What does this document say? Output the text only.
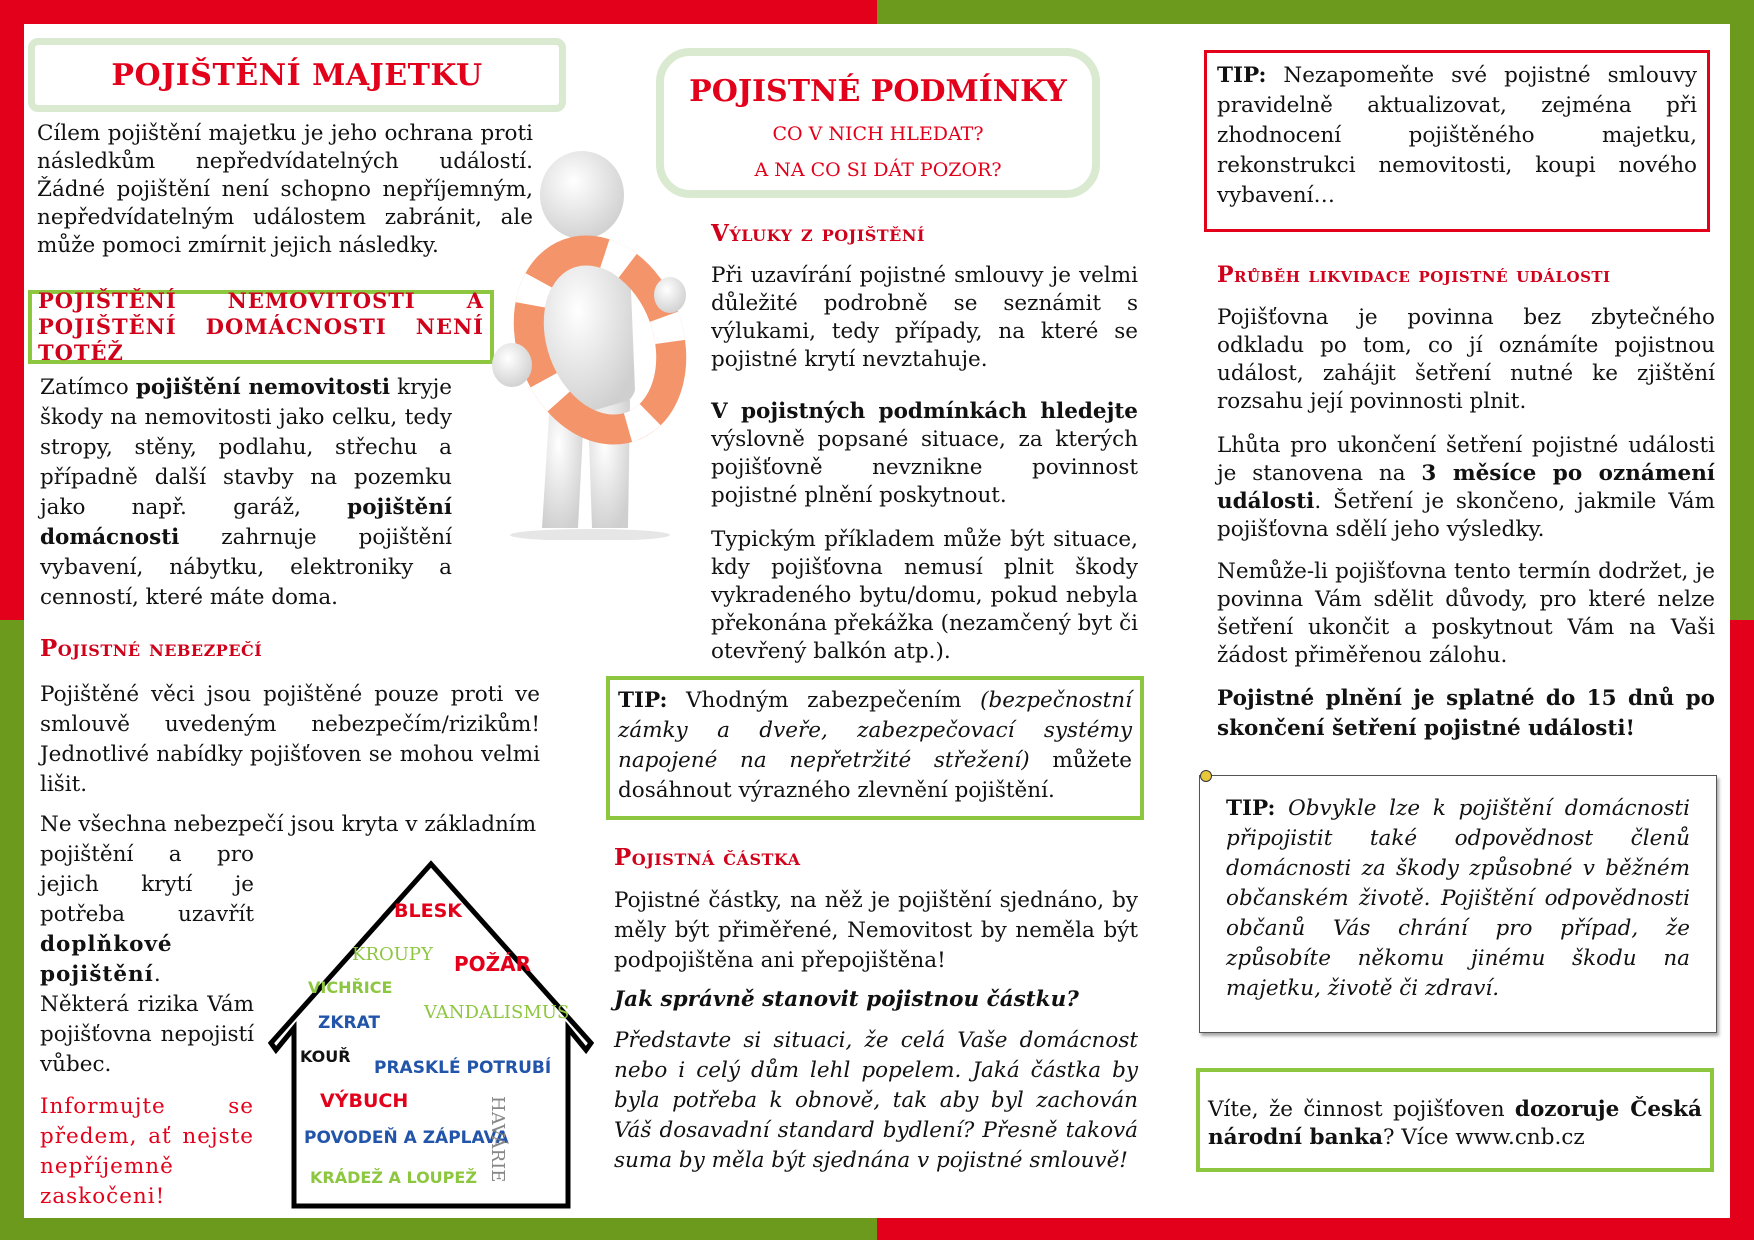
POJIŠTĚNÍ MAJETKU

Cílem pojištění majetku je jeho ochrana proti následkům nepředvídatelných událostí. Žádné pojištění není schopno nepříjemným, nepředvídatelným událostem zabránit, ale může pomoci zmírnit jejich následky.

POJIŠTĚNÍ NEMOVITOSTI A POJIŠTĚNÍ DOMÁCNOSTI NENÍ TOTÉŽ

Zatímco pojištění nemovitosti kryje škody na nemovitosti jako celku, tedy stropy, stěny, podlahu, střechu a případně další stavby na pozemku jako např. garáž, pojištění domácnosti zahrnuje pojištění vybavení, nábytku, elektroniky a cenností, které máte doma.

Pojistné nebezpečí

Pojištěné věci jsou pojištěné pouze proti ve smlouvě uvedeným nebezpečím/rizikům! Jednotlivé nabídky pojišťoven se mohou velmi lišit.

Ne všechna nebezpečí jsou kryta v základním

pojištění a pro jejich krytí je potřeba uzavřít doplňkové pojištění. Některá rizika Vám pojišťovna nepojistí vůbec.

Informujte se předem, ať nejste nepříjemně zaskočeni!

BLESK
KROUPY POŽÁR
VICHŘICE
VANDALISMUS
ZKRAT
KOUŘ
PRASKLÉ POTRUBÍ
VÝBUCH
POVODEŇ A ZÁPLAVA
KRÁDEŽ A LOUPEŽ HAVÁRIE
POJISTNÉ PODMÍNKY
CO V NICH HLEDAT?
A NA CO SI DÁT POZOR?
Výluky z pojištění

Při uzavírání pojistné smlouvy je velmi důležité podrobně se seznámit s výlukami, tedy případy, na které se pojistné krytí nevztahuje.

V pojistných podmínkách hledejte výslovně popsané situace, za kterých pojišťovně nevznikne povinnost pojistné plnění poskytnout.

Typickým příkladem může být situace, kdy pojišťovna nemusí plnit škody vykradeného bytu/domu, pokud nebyla překonána překážka (nezamčený byt či otevřený balkón atp.).

TIP: Vhodným zabezpečením (bezpečnostní zámky a dveře, zabezpečovací systémy napojené na nepřetržité střežení) můžete dosáhnout výrazného zlevnění pojištění.

Pojistná částka

Pojistné částky, na něž je pojištění sjednáno, by měly být přiměřené, Nemovitost by neměla být podpojištěna ani přepojištěna!

Jak správně stanovit pojistnou částku?

Představte si situaci, že celá Vaše domácnost nebo i celý dům lehl popelem. Jaká částka by byla potřeba k obnově, tak aby byl zachován Váš dosavadní standard bydlení? Přesně taková suma by měla být sjednána v pojistné smlouvě!

TIP: Nezapomeňte své pojistné smlouvy pravidelně aktualizovat, zejména při zhodnocení pojištěného majetku, rekonstrukci nemovitosti, koupi nového vybavení…

Průběh likvidace pojistné události

Pojišťovna je povinna bez zbytečného odkladu po tom, co jí oznámíte pojistnou událost, zahájit šetření nutné ke zjištění rozsahu její povinnosti plnit.

Lhůta pro ukončení šetření pojistné události je stanovena na 3 měsíce po oznámení události. Šetření je skončeno, jakmile Vám pojišťovna sdělí jeho výsledky.

Nemůže-li pojišťovna tento termín dodržet, je povinna Vám sdělit důvody, pro které nelze šetření ukončit a poskytnout Vám na Vaši žádost přiměřenou zálohu.

Pojistné plnění je splatné do 15 dnů po skončení šetření pojistné události!

TIP: Obvykle lze k pojištění domácnosti připojistit také odpovědnost členů domácnosti za škody způsobné v běžném občanském životě. Pojištění odpovědnosti občanů Vás chrání pro případ, že způsobíte někomu jinému škodu na majetku, životě či zdraví.

Víte, že činnost pojišťoven dozoruje Česká národní banka? Více www.cnb.cz
